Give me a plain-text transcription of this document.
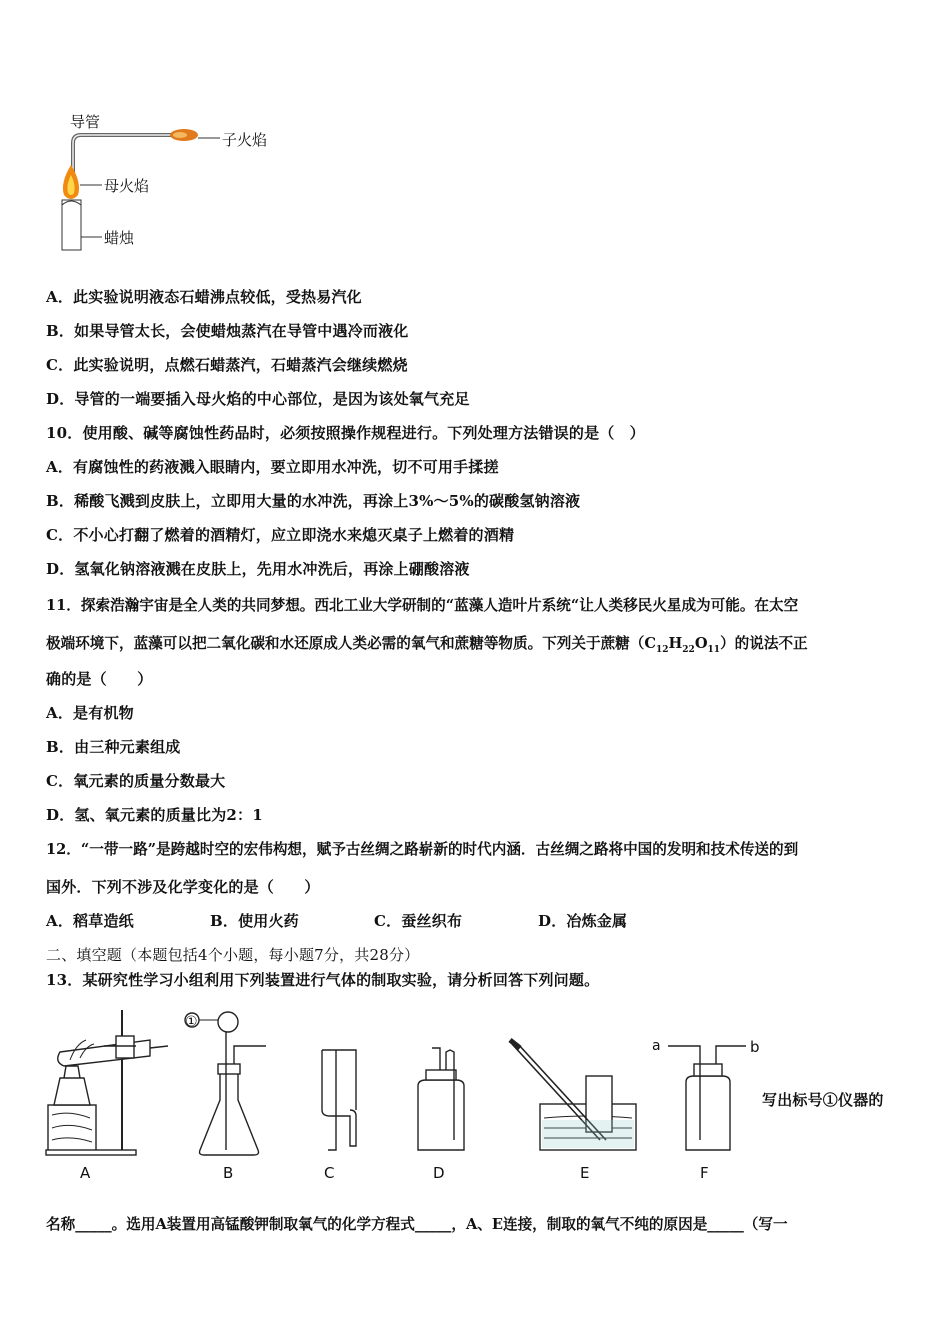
导管
子火焰
母火焰
蜡烛
A．此实验说明液态石蜡沸点较低，受热易汽化
B．如果导管太长，会使蜡烛蒸汽在导管中遇冷而液化
C．此实验说明，点燃石蜡蒸汽，石蜡蒸汽会继续燃烧
D．导管的一端要插入母火焰的中心部位，是因为该处氧气充足
10．使用酸、碱等腐蚀性药品时，必须按照操作规程进行。下列处理方法错误的是（　）
A．有腐蚀性的药液溅入眼睛内，要立即用水冲洗，切不可用手揉搓
B．稀酸飞溅到皮肤上，立即用大量的水冲洗，再涂上3%～5%的碳酸氢钠溶液
C．不小心打翻了燃着的酒精灯，应立即浇水来熄灭桌子上燃着的酒精
D．氢氧化钠溶液溅在皮肤上，先用水冲洗后，再涂上硼酸溶液
11．探索浩瀚宇宙是全人类的共同梦想。西北工业大学研制的“蓝藻人造叶片系统“让人类移民火星成为可能。在太空
极端环境下，蓝藻可以把二氧化碳和水还原成人类必需的氧气和蔗糖等物质。下列关于蔗糖$(C_{12}H_{22}O_{11})$的说法不正
确的是（　　）
A．是有机物
B．由三种元素组成
C．氧元素的质量分数最大
D．氢、氧元素的质量比为2：1
12．“一带一路”是跨越时空的宏伟构想，赋予古丝绸之路崭新的时代内涵．古丝绸之路将中国的发明和技术传送的到
国外．下列不涉及化学变化的是（　　）
A．稻草造纸	B．使用火药	C．蚕丝织布	D．冶炼金属
二、填空题（本题包括4个小题，每小题7分，共28分）
13．某研究性学习小组利用下列装置进行气体的制取实验，请分析回答下列问题。
①
a	b
A	B	C	D	E	F
写出标号①仪器的
名称_____。选用A装置用高锰酸钾制取氧气的化学方程式_____，A、E连接，制取的氧气不纯的原因是_____（写一
